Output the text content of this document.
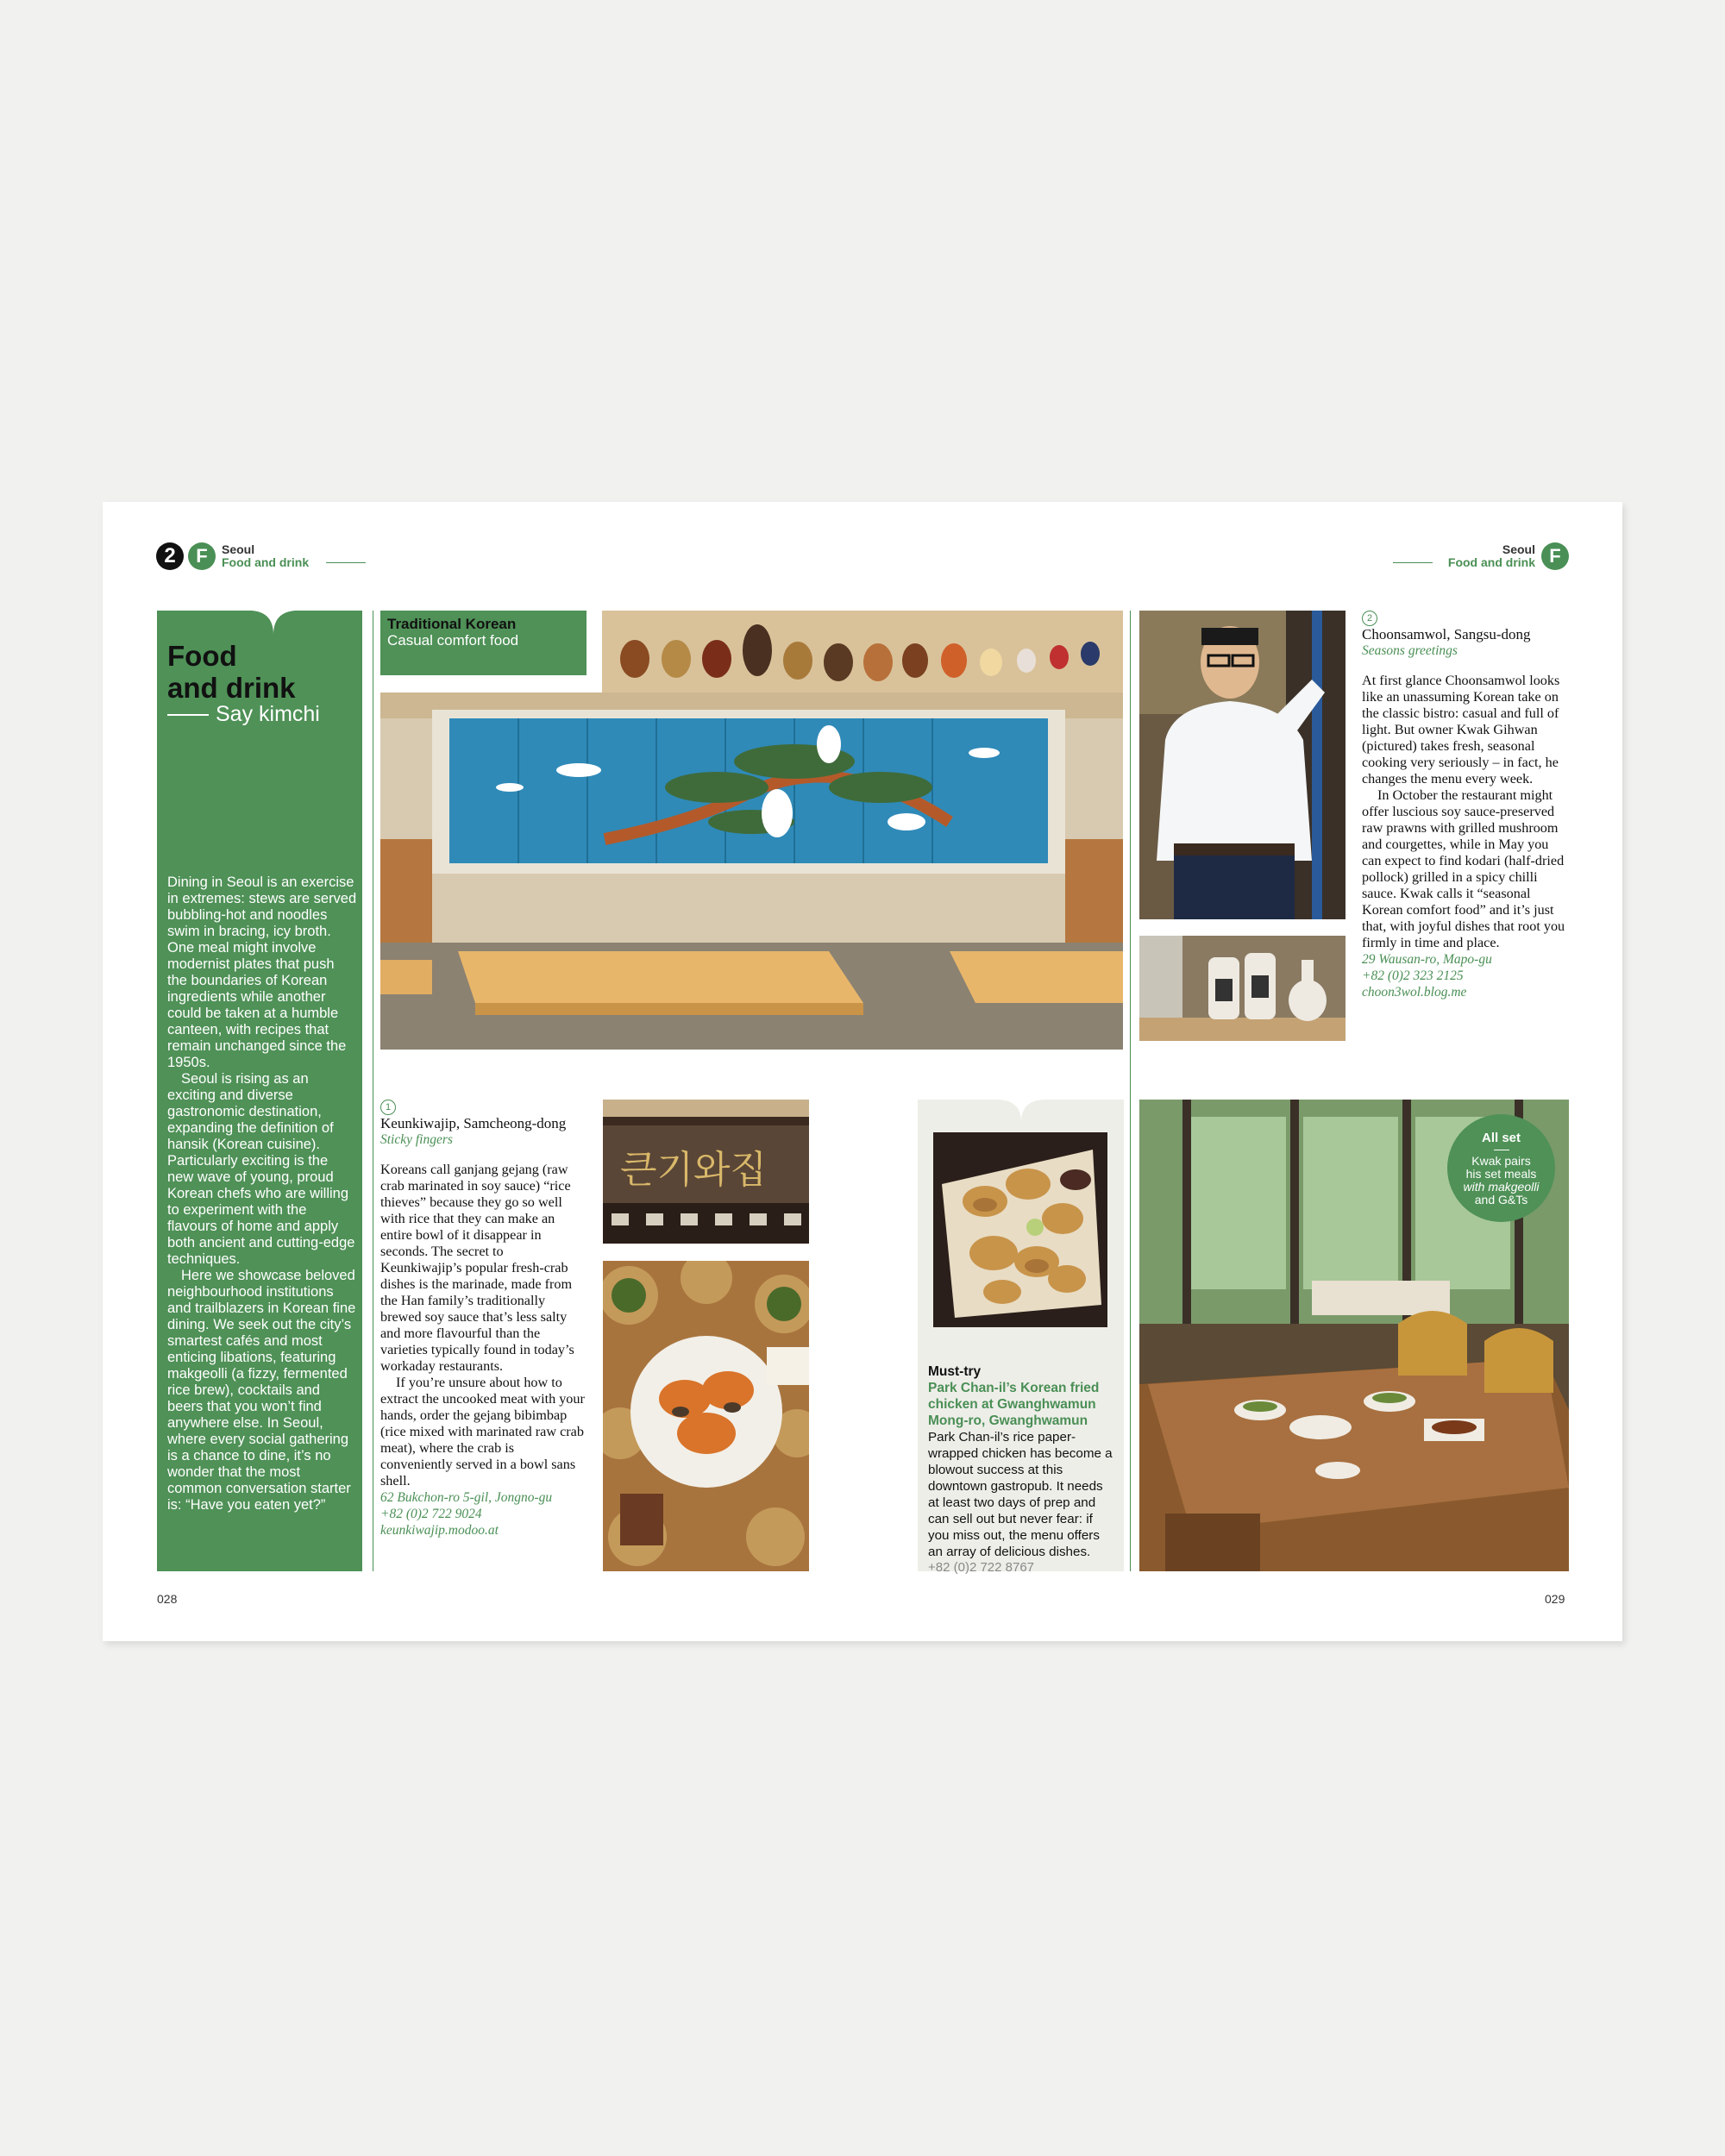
2	F	Seoul
Food and drink
Seoul
Food and drink F
Food
and drink
Say kimchi

Dining in Seoul is an exercise in extremes: stews are served bubbling-hot and noodles swim in bracing, icy broth. One meal might involve modernist plates that push the boundaries of Korean ingredients while another could be taken at a humble canteen, with recipes that remain unchanged since the 1950s.

Seoul is rising as an exciting and diverse gastronomic destination, expanding the definition of hansik (Korean cuisine). Particularly exciting is the new wave of young, proud Korean chefs who are willing to experiment with the flavours of home and apply both ancient and cutting-edge techniques.

Here we showcase beloved neighbourhood institutions and trailblazers in Korean fine dining. We seek out the city’s smartest cafés and most enticing libations, featuring makgeolli (a fizzy, fermented rice brew), cocktails and beers that you won’t find anywhere else. In Seoul, where every social gathering is a chance to dine, it’s no wonder that the most common conversation starter is: “Have you eaten yet?”

Traditional Korean
Casual comfort food
1
Keunkiwajip, Samcheong-dong
Sticky fingers

Koreans call ganjang gejang (raw crab marinated in soy sauce) “rice thieves” because they go so well with rice that they can make an entire bowl of it disappear in seconds. The secret to Keunkiwajip’s popular fresh-crab dishes is the marinade, made from the Han family’s traditionally brewed soy sauce that’s less salty and more flavourful than the varieties typically found in today’s workaday restaurants.

If you’re unsure about how to extract the uncooked meat with your hands, order the gejang bibimbap (rice mixed with marinated raw crab meat), where the crab is conveniently served in a bowl sans shell.

62 Bukchon-ro 5-gil, Jongno-gu
+82 (0)2 722 9024
keunkiwajip.modoo.at
큰기와집
Must-try
Park Chan-il’s Korean fried chicken at Gwanghwamun Mong-ro, Gwanghwamun
Park Chan-il’s rice paper-wrapped chicken has become a blowout success at this downtown gastropub. It needs at least two days of prep and can sell out but never fear: if you miss out, the menu offers an array of delicious dishes.
+82 (0)2 722 8767
2
Choonsamwol, Sangsu-dong
Seasons greetings

At first glance Choonsamwol looks like an unassuming Korean take on the classic bistro: casual and full of light. But owner Kwak Gihwan (pictured) takes fresh, seasonal cooking very seriously – in fact, he changes the menu every week.

In October the restaurant might offer luscious soy sauce-preserved raw prawns with grilled mushroom and courgettes, while in May you can expect to find kodari (half-dried pollock) grilled in a spicy chilli sauce. Kwak calls it “seasonal Korean comfort food” and it’s just that, with joyful dishes that root you firmly in time and place.

29 Wausan-ro, Mapo-gu
+82 (0)2 323 2125
choon3wol.blog.me
All set
Kwak pairs
his set meals
with makgeolli
and G&Ts
028	029
